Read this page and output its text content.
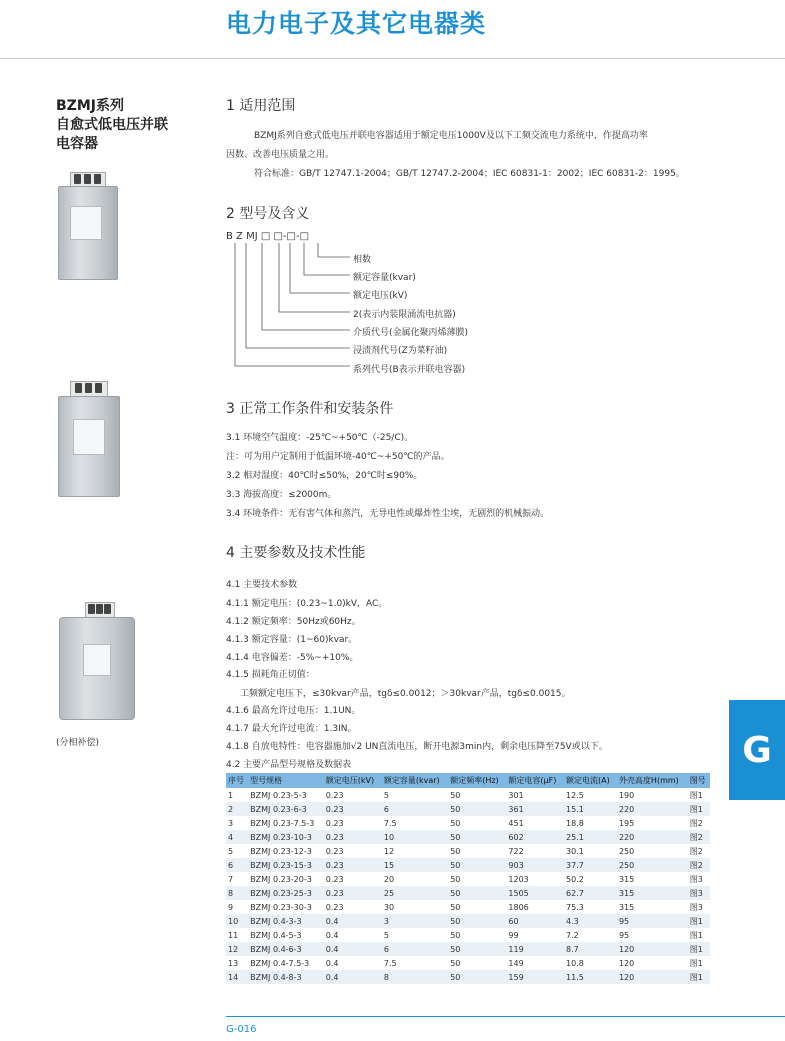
电力电子及其它电器类
BZMJ系列
自愈式低电压并联
电容器
(分相补偿)
1 适用范围
BZMJ系列自愈式低电压并联电容器适用于额定电压1000V及以下工频交流电力系统中，作提高功率
因数、改善电压质量之用。
符合标准：GB/T 12747.1-2004；GB/T 12747.2-2004；IEC 60831-1：2002；IEC 60831-2：1995。
2 型号及含义
B Z MJ □ □-□-□
相数
额定容量(kvar)
额定电压(kV)
2(表示内装限涌流电抗器)
介质代号(金属化聚丙烯薄膜)
浸渍剂代号(Z为菜籽油)
系列代号(B表示并联电容器)
3 正常工作条件和安装条件
3.1 环境空气温度：-25℃~+50℃（-25/C)。
注：可为用户定制用于低温环境-40℃~+50℃的产品。
3.2 相对湿度：40℃时≤50%，20℃时≤90%。
3.3 海拔高度：≤2000m。
3.4 环境条件：无有害气体和蒸汽，无导电性或爆炸性尘埃，无剧烈的机械振动。
4 主要参数及技术性能
4.1 主要技术参数
4.1.1 额定电压：(0.23~1.0)kV，AC。
4.1.2 额定频率：50Hz或60Hz。
4.1.3 额定容量：(1~60)kvar。
4.1.4 电容偏差：-5%~+10%。
4.1.5 损耗角正切值：
工频额定电压下，≤30kvar产品，tgδ≤0.0012；＞30kvar产品，tgδ≤0.0015。
4.1.6 最高允许过电压：1.1UN。
4.1.7 最大允许过电流：1.3IN。
4.1.8 自放电特性：电容器施加√2 UN直流电压，断开电源3min内，剩余电压降至75V或以下。
4.2 主要产品型号规格及数据表
序号	型号规格	额定电压(kV)	额定容量(kvar)	额定频率(Hz)	额定电容(μF)	额定电流(A)	外壳高度H(mm)	图号
1	BZMJ 0.23-5-3	0.23	5	50	301	12.5	190	图1
2	BZMJ 0.23-6-3	0.23	6	50	361	15.1	220	图1
3	BZMJ 0.23-7.5-3	0.23	7.5	50	451	18.8	195	图2
4	BZMJ 0.23-10-3	0.23	10	50	602	25.1	220	图2
5	BZMJ 0.23-12-3	0.23	12	50	722	30.1	250	图2
6	BZMJ 0.23-15-3	0.23	15	50	903	37.7	250	图2
7	BZMJ 0.23-20-3	0.23	20	50	1203	50.2	315	图3
8	BZMJ 0.23-25-3	0.23	25	50	1505	62.7	315	图3
9	BZMJ 0.23-30-3	0.23	30	50	1806	75.3	315	图3
10	BZMJ 0.4-3-3	0.4	3	50	60	4.3	95	图1
11	BZMJ 0.4-5-3	0.4	5	50	99	7.2	95	图1
12	BZMJ 0.4-6-3	0.4	6	50	119	8.7	120	图1
13	BZMJ 0.4-7.5-3	0.4	7.5	50	149	10.8	120	图1
14	BZMJ 0.4-8-3	0.4	8	50	159	11.5	120	图1
G
G-016
